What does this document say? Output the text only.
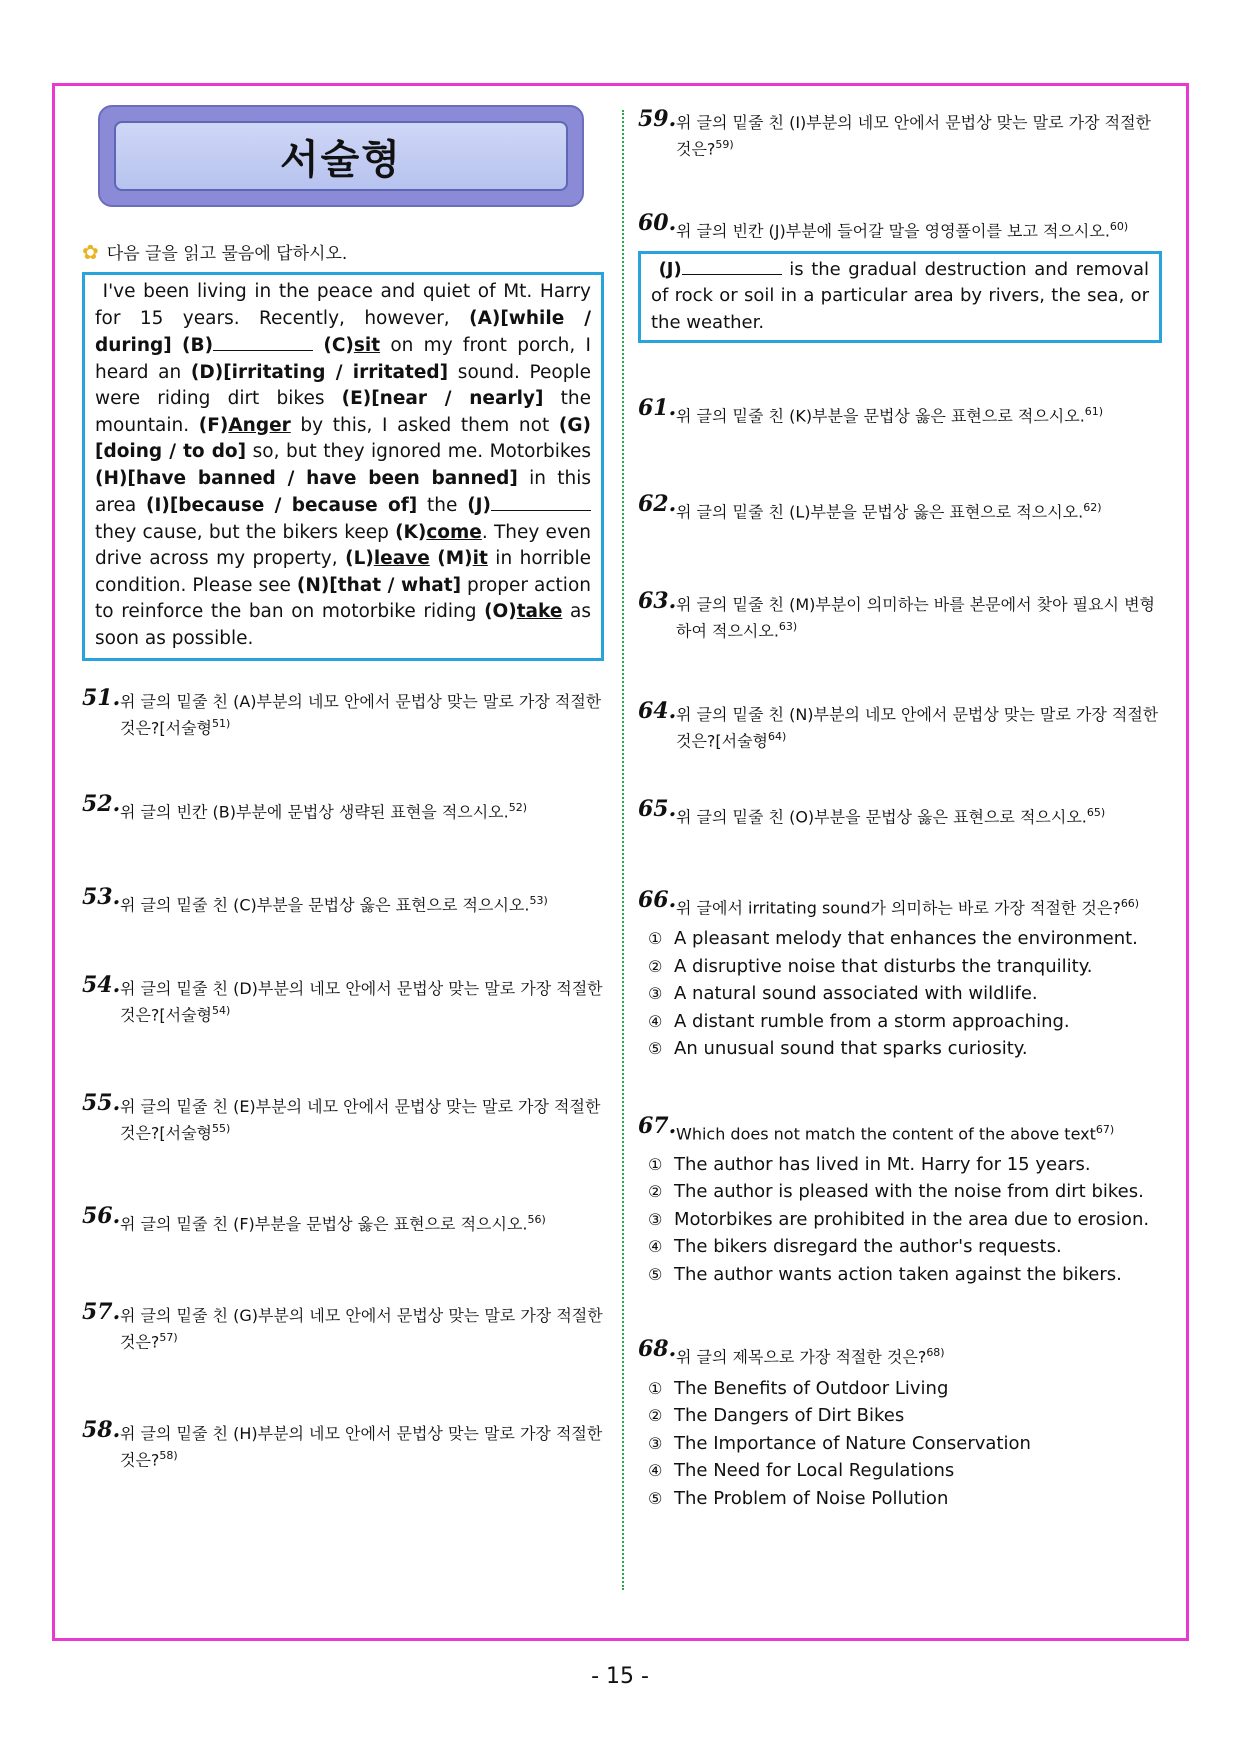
서술형
✿ 다음 글을 읽고 물음에 답하시오.
I've been living in the peace and quiet of Mt. Harry for 15 years. Recently, however, (A)[while / during] (B)	(C)sit on my front porch, I heard an (D)[irritating / irritated] sound. People were riding dirt bikes (E)[near / nearly] the mountain. (F)Anger by this, I asked them not (G)[doing / to do] so, but they ignored me. Motorbikes (H)[have banned / have been banned] in this area (I)[because / because of] the (J) they cause, but the bikers keep (K)come. They even drive across my property, (L)leave (M)it in horrible condition. Please see (N)[that / what] proper action to reinforce the ban on motorbike riding (O)take as soon as possible.
51. 위 글의 밑줄 친 (A)부분의 네모 안에서 문법상 맞는 말로 가장 적절한 것은?[서술형$^{51)}$
52. 위 글의 빈칸 (B)부분에 문법상 생략된 표현을 적으시오.$^{52)}$
53. 위 글의 밑줄 친 (C)부분을 문법상 옳은 표현으로 적으시오.$^{53)}$
54. 위 글의 밑줄 친 (D)부분의 네모 안에서 문법상 맞는 말로 가장 적절한 것은?[서술형$^{54)}$
55. 위 글의 밑줄 친 (E)부분의 네모 안에서 문법상 맞는 말로 가장 적절한 것은?[서술형$^{55)}$
56. 위 글의 밑줄 친 (F)부분을 문법상 옳은 표현으로 적으시오.$^{56)}$
57. 위 글의 밑줄 친 (G)부분의 네모 안에서 문법상 맞는 말로 가장 적절한 것은?$^{57)}$
58. 위 글의 밑줄 친 (H)부분의 네모 안에서 문법상 맞는 말로 가장 적절한 것은?$^{58)}$
59. 위 글의 밑줄 친 (I)부분의 네모 안에서 문법상 맞는 말로 가장 적절한 것은?$^{59)}$
60. 위 글의 빈칸 (J)부분에 들어갈 말을 영영풀이를 보고 적으시오.$^{60)}$
(J)	is the gradual destruction and removal of rock or soil in a particular area by rivers, the sea, or the weather.
61. 위 글의 밑줄 친 (K)부분을 문법상 옳은 표현으로 적으시오.$^{61)}$
62. 위 글의 밑줄 친 (L)부분을 문법상 옳은 표현으로 적으시오.$^{62)}$
63. 위 글의 밑줄 친 (M)부분이 의미하는 바를 본문에서 찾아 필요시 변형하여 적으시오.$^{63)}$
64. 위 글의 밑줄 친 (N)부분의 네모 안에서 문법상 맞는 말로 가장 적절한 것은?[서술형$^{64)}$
65. 위 글의 밑줄 친 (O)부분을 문법상 옳은 표현으로 적으시오.$^{65)}$
66. 위 글에서 irritating sound가 의미하는 바로 가장 적절한 것은?$^{66)}$
① A pleasant melody that enhances the environment.
② A disruptive noise that disturbs the tranquility.
③ A natural sound associated with wildlife.
④ A distant rumble from a storm approaching.
⑤ An unusual sound that sparks curiosity.
67. Which does not match the content of the above text$^{67)}$
① The author has lived in Mt. Harry for 15 years.
② The author is pleased with the noise from dirt bikes.
③ Motorbikes are prohibited in the area due to erosion.
④ The bikers disregard the author's requests.
⑤ The author wants action taken against the bikers.
68. 위 글의 제목으로 가장 적절한 것은?$^{68)}$
① The Benefits of Outdoor Living
② The Dangers of Dirt Bikes
③ The Importance of Nature Conservation
④ The Need for Local Regulations
⑤ The Problem of Noise Pollution
- 15 -
